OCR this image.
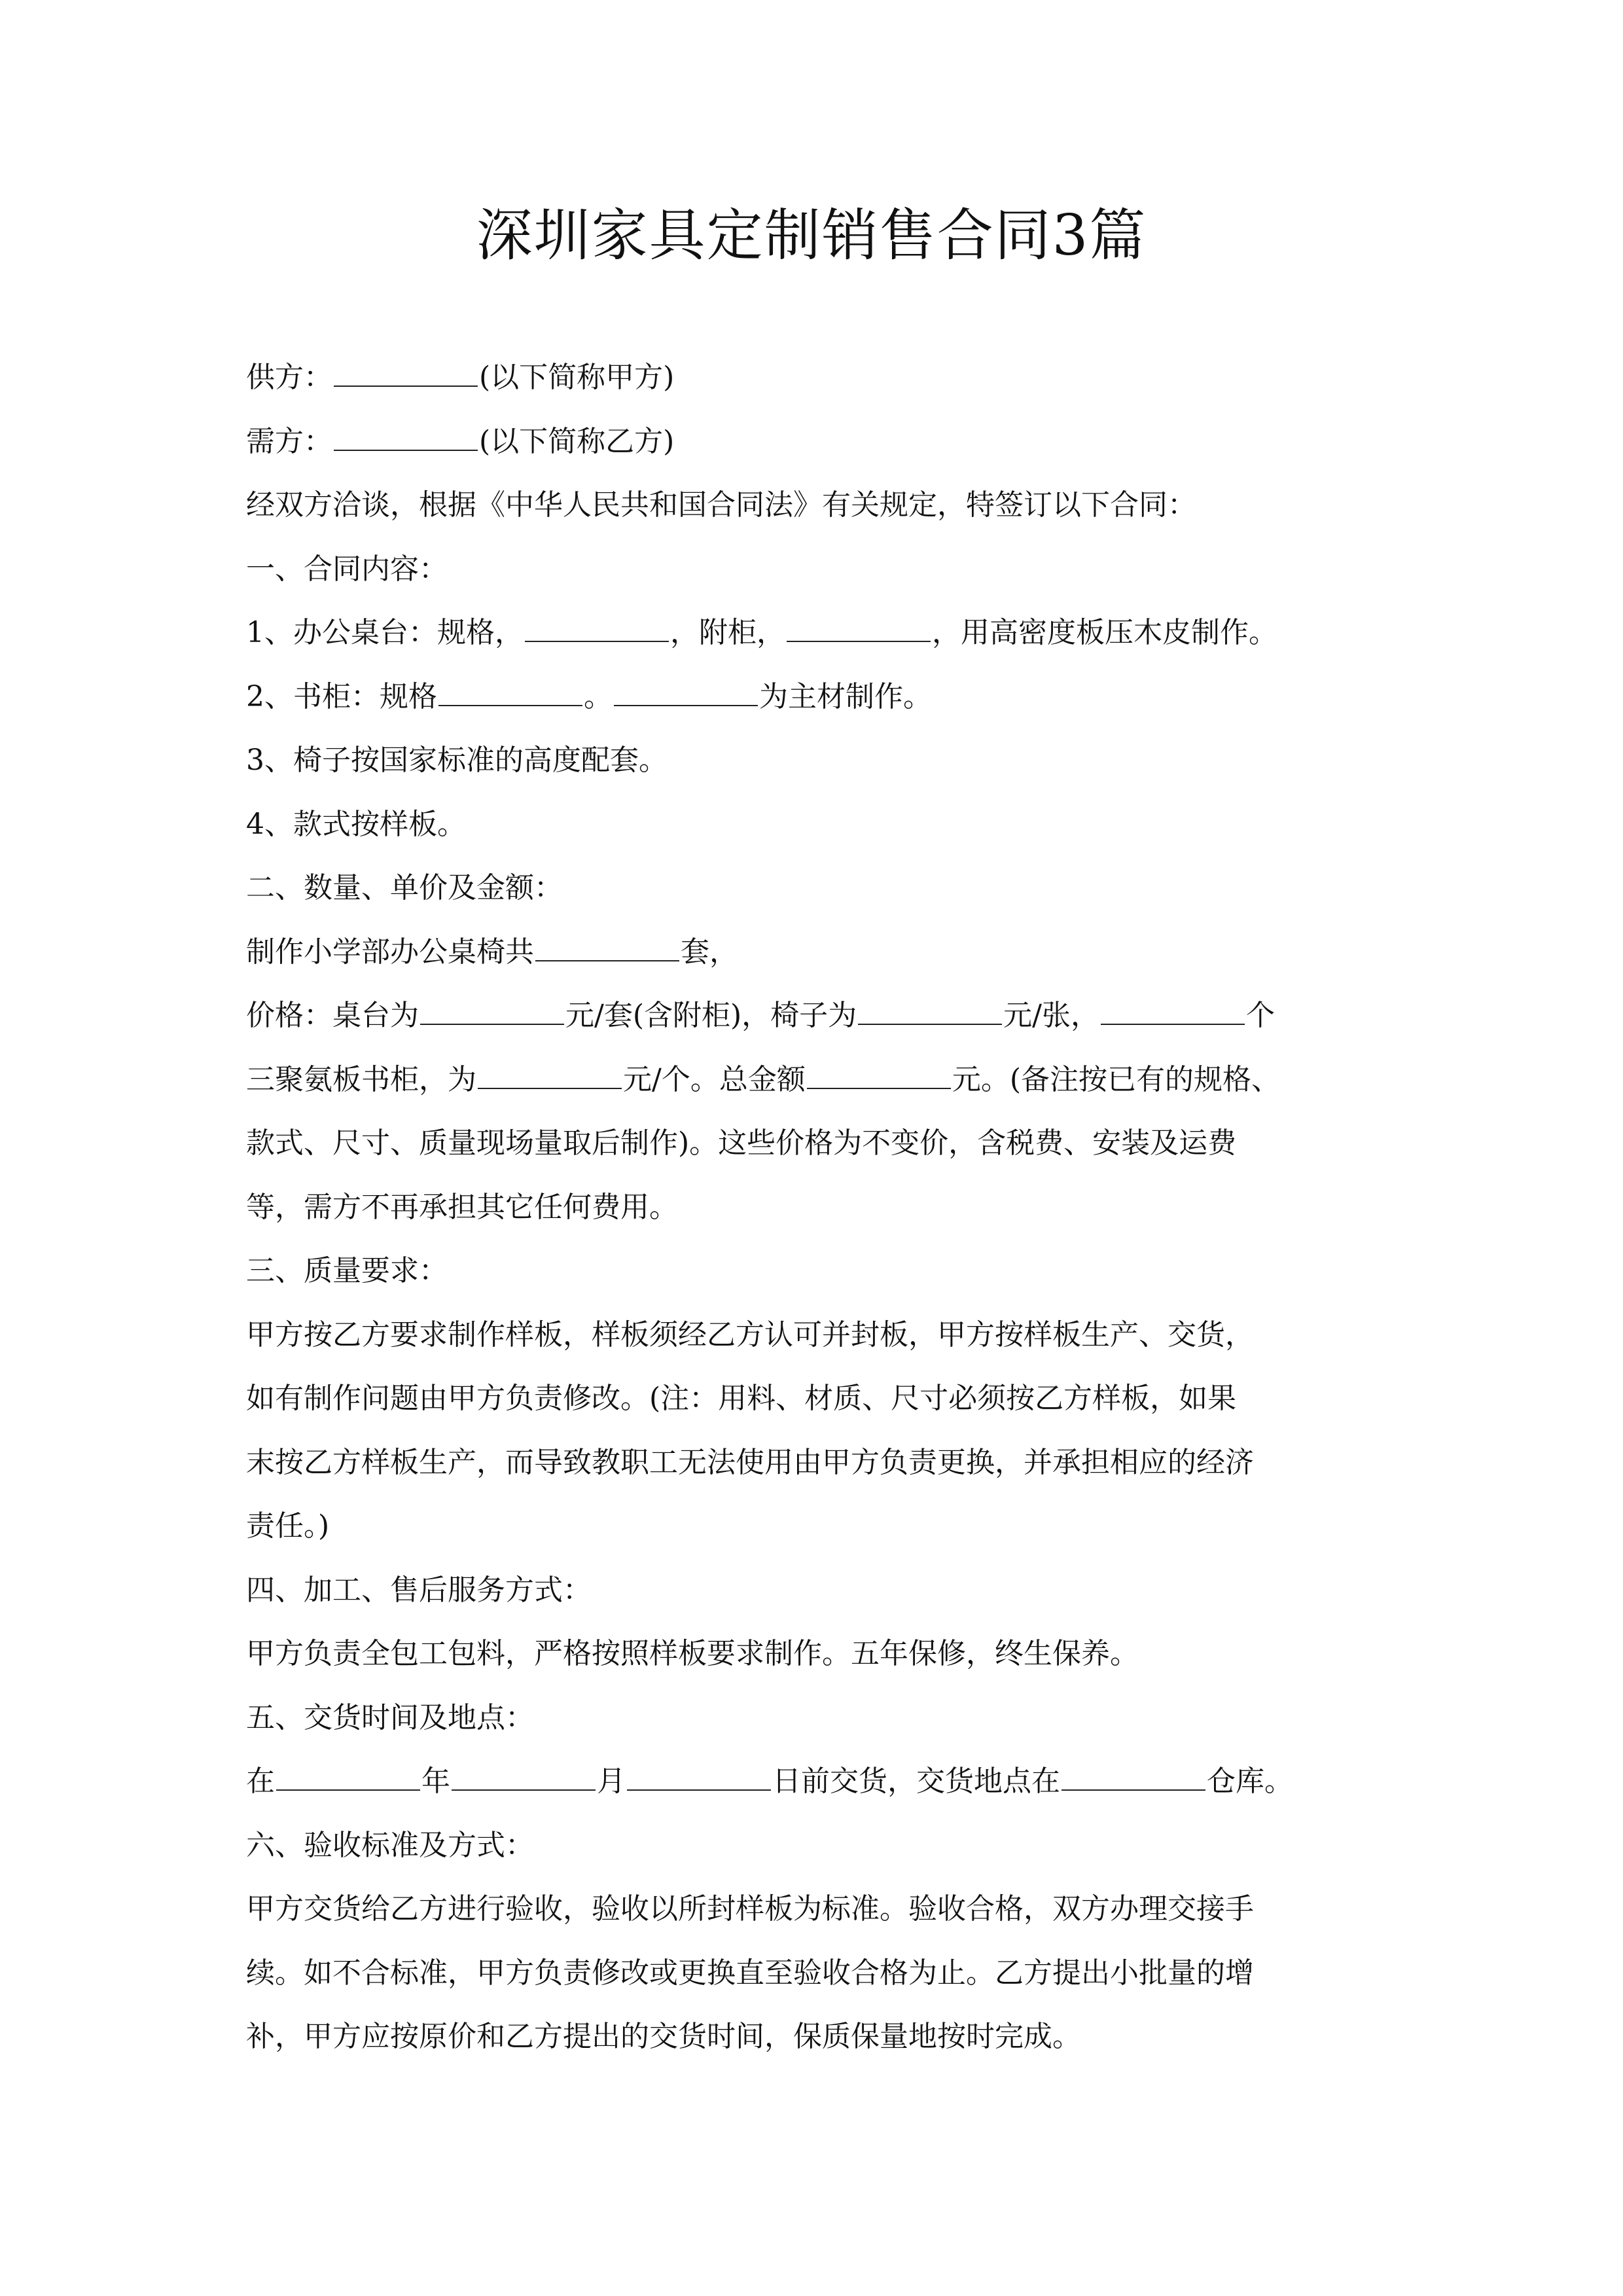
深圳家具定制销售合同3篇
供方：	(以下简称甲方)
需方：	(以下简称乙方)
经双方洽谈，根据《中华人民共和国合同法》有关规定，特签订以下合同：
一、合同内容：
1、办公桌台：规格，	，附柜，	，用高密度板压木皮制作。
2、书柜：规格	。	为主材制作。
3、椅子按国家标准的高度配套。
4、款式按样板。
二、数量、单价及金额：
制作小学部办公桌椅共	套，
价格：桌台为	元/套(含附柜)，椅子为	元/张，	个
三聚氨板书柜，为	元/个。总金额	元。(备注按已有的规格、
款式、尺寸、质量现场量取后制作)。这些价格为不变价，含税费、安装及运费
等，需方不再承担其它任何费用。
三、质量要求：
甲方按乙方要求制作样板，样板须经乙方认可并封板，甲方按样板生产、交货，
如有制作问题由甲方负责修改。(注：用料、材质、尺寸必须按乙方样板，如果
末按乙方样板生产，而导致教职工无法使用由甲方负责更换，并承担相应的经济
责任。)
四、加工、售后服务方式：
甲方负责全包工包料，严格按照样板要求制作。五年保修，终生保养。
五、交货时间及地点：
在	年	月	日前交货，交货地点在	仓库。
六、验收标准及方式：
甲方交货给乙方进行验收，验收以所封样板为标准。验收合格，双方办理交接手
续。如不合标准，甲方负责修改或更换直至验收合格为止。乙方提出小批量的增
补，甲方应按原价和乙方提出的交货时间，保质保量地按时完成。
